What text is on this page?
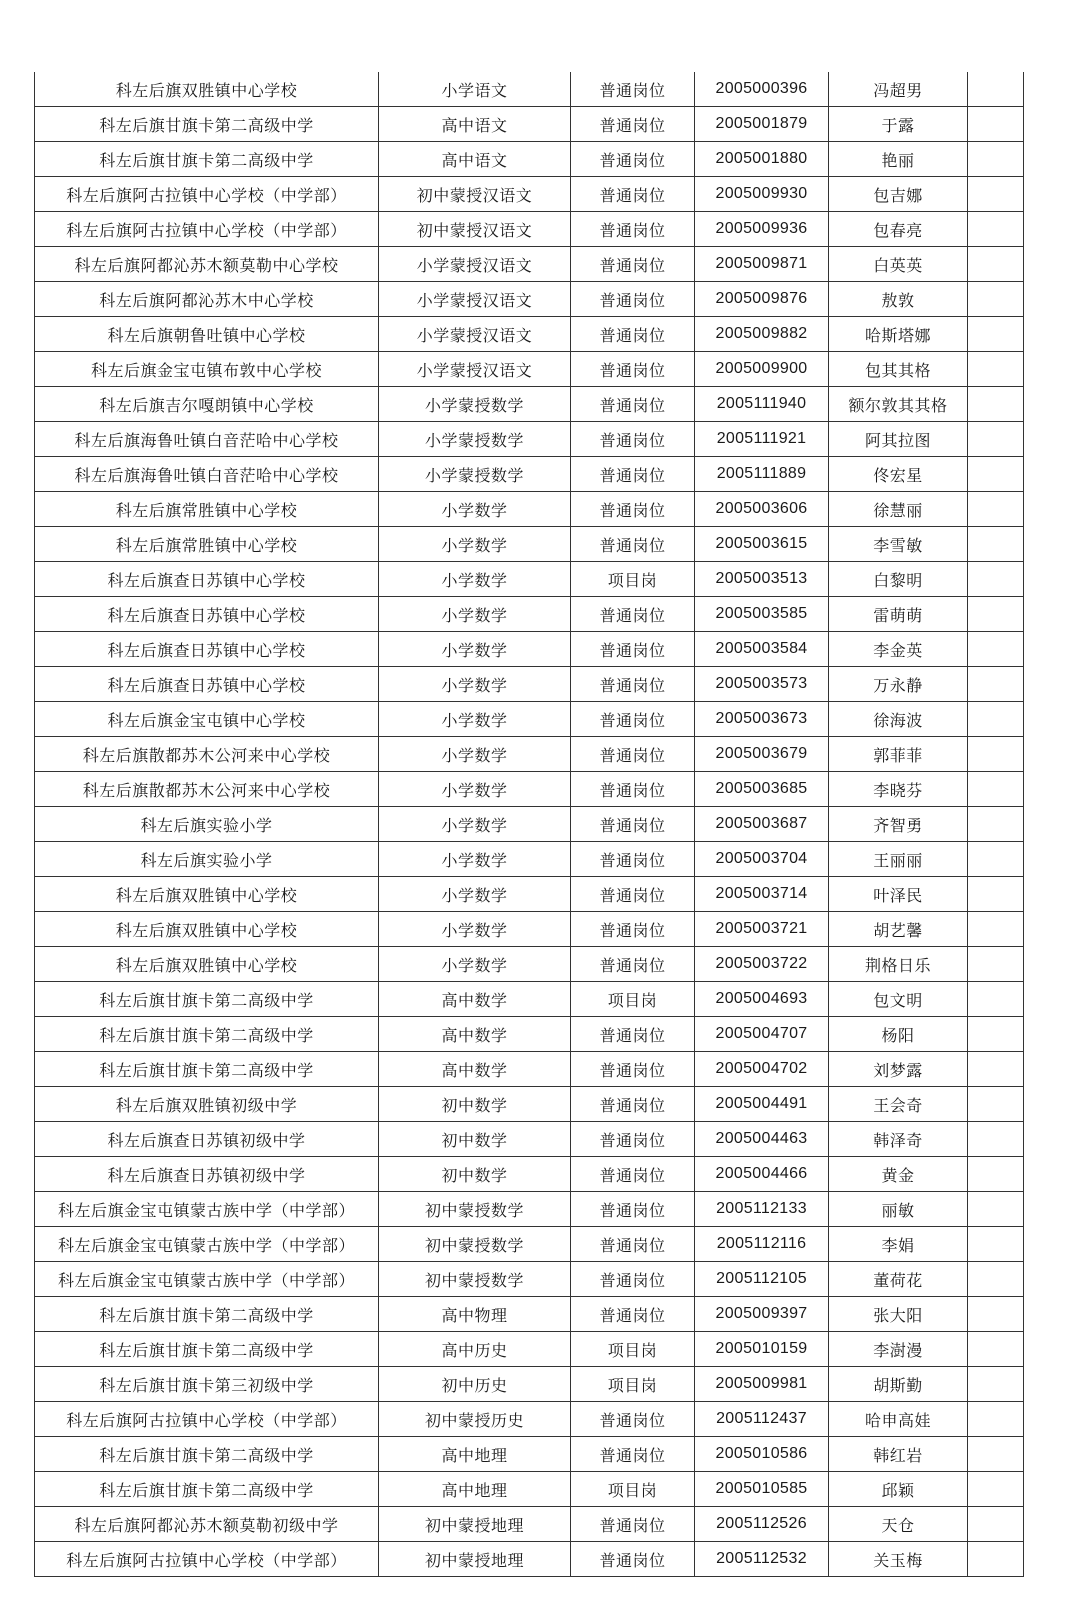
科左后旗双胜镇中心学校	小学语文	普通岗位	2005000396	冯超男	
科左后旗甘旗卡第二高级中学	高中语文	普通岗位	2005001879	于露	
科左后旗甘旗卡第二高级中学	高中语文	普通岗位	2005001880	艳丽	
科左后旗阿古拉镇中心学校（中学部）	初中蒙授汉语文	普通岗位	2005009930	包吉娜	
科左后旗阿古拉镇中心学校（中学部）	初中蒙授汉语文	普通岗位	2005009936	包春亮	
科左后旗阿都沁苏木额莫勒中心学校	小学蒙授汉语文	普通岗位	2005009871	白英英	
科左后旗阿都沁苏木中心学校	小学蒙授汉语文	普通岗位	2005009876	敖敦	
科左后旗朝鲁吐镇中心学校	小学蒙授汉语文	普通岗位	2005009882	哈斯塔娜	
科左后旗金宝屯镇布敦中心学校	小学蒙授汉语文	普通岗位	2005009900	包其其格	
科左后旗吉尔嘎朗镇中心学校	小学蒙授数学	普通岗位	2005111940	额尔敦其其格	
科左后旗海鲁吐镇白音茫哈中心学校	小学蒙授数学	普通岗位	2005111921	阿其拉图	
科左后旗海鲁吐镇白音茫哈中心学校	小学蒙授数学	普通岗位	2005111889	佟宏星	
科左后旗常胜镇中心学校	小学数学	普通岗位	2005003606	徐慧丽	
科左后旗常胜镇中心学校	小学数学	普通岗位	2005003615	李雪敏	
科左后旗查日苏镇中心学校	小学数学	项目岗	2005003513	白黎明	
科左后旗查日苏镇中心学校	小学数学	普通岗位	2005003585	雷萌萌	
科左后旗查日苏镇中心学校	小学数学	普通岗位	2005003584	李金英	
科左后旗查日苏镇中心学校	小学数学	普通岗位	2005003573	万永静	
科左后旗金宝屯镇中心学校	小学数学	普通岗位	2005003673	徐海波	
科左后旗散都苏木公河来中心学校	小学数学	普通岗位	2005003679	郭菲菲	
科左后旗散都苏木公河来中心学校	小学数学	普通岗位	2005003685	李晓芬	
科左后旗实验小学	小学数学	普通岗位	2005003687	齐智勇	
科左后旗实验小学	小学数学	普通岗位	2005003704	王丽丽	
科左后旗双胜镇中心学校	小学数学	普通岗位	2005003714	叶泽民	
科左后旗双胜镇中心学校	小学数学	普通岗位	2005003721	胡艺馨	
科左后旗双胜镇中心学校	小学数学	普通岗位	2005003722	荆格日乐	
科左后旗甘旗卡第二高级中学	高中数学	项目岗	2005004693	包文明	
科左后旗甘旗卡第二高级中学	高中数学	普通岗位	2005004707	杨阳	
科左后旗甘旗卡第二高级中学	高中数学	普通岗位	2005004702	刘梦露	
科左后旗双胜镇初级中学	初中数学	普通岗位	2005004491	王会奇	
科左后旗查日苏镇初级中学	初中数学	普通岗位	2005004463	韩泽奇	
科左后旗查日苏镇初级中学	初中数学	普通岗位	2005004466	黄金	
科左后旗金宝屯镇蒙古族中学（中学部）	初中蒙授数学	普通岗位	2005112133	丽敏	
科左后旗金宝屯镇蒙古族中学（中学部）	初中蒙授数学	普通岗位	2005112116	李娟	
科左后旗金宝屯镇蒙古族中学（中学部）	初中蒙授数学	普通岗位	2005112105	董荷花	
科左后旗甘旗卡第二高级中学	高中物理	普通岗位	2005009397	张大阳	
科左后旗甘旗卡第二高级中学	高中历史	项目岗	2005010159	李澍漫	
科左后旗甘旗卡第三初级中学	初中历史	项目岗	2005009981	胡斯勤	
科左后旗阿古拉镇中心学校（中学部）	初中蒙授历史	普通岗位	2005112437	哈申高娃	
科左后旗甘旗卡第二高级中学	高中地理	普通岗位	2005010586	韩红岩	
科左后旗甘旗卡第二高级中学	高中地理	项目岗	2005010585	邱颖	
科左后旗阿都沁苏木额莫勒初级中学	初中蒙授地理	普通岗位	2005112526	天仓	
科左后旗阿古拉镇中心学校（中学部）	初中蒙授地理	普通岗位	2005112532	关玉梅	
